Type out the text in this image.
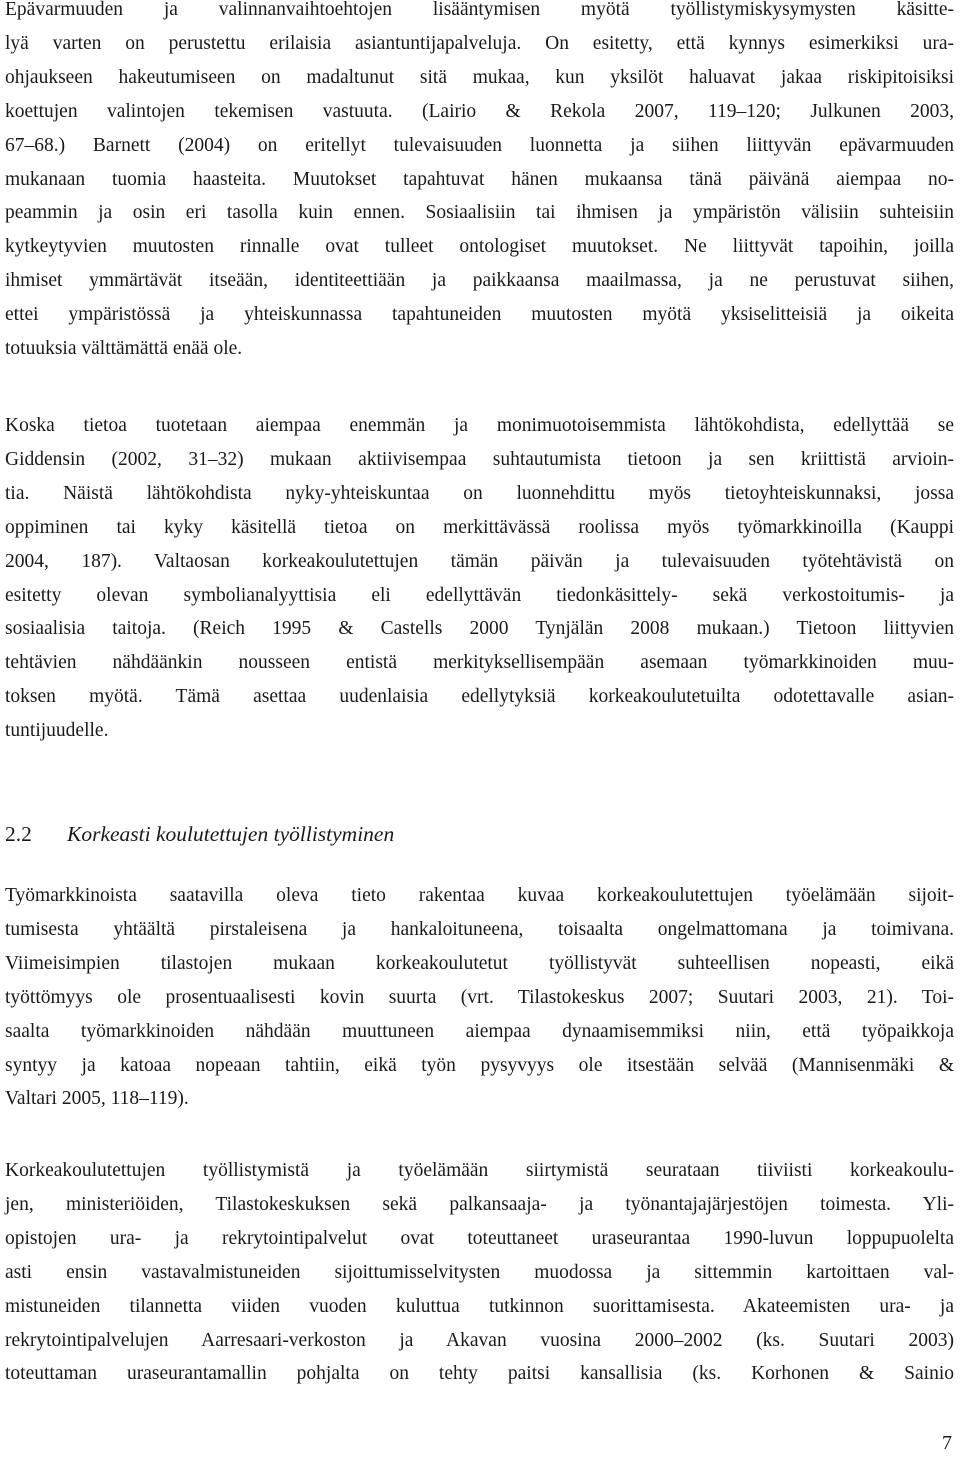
Epävarmuuden ja valinnanvaihtoehtojen lisääntymisen myötä työllistymiskysymysten käsitte-
lyä varten on perustettu erilaisia asiantuntijapalveluja. On esitetty, että kynnys esimerkiksi ura-
ohjaukseen hakeutumiseen on madaltunut sitä mukaa, kun yksilöt haluavat jakaa riskipitoisiksi
koettujen valintojen tekemisen vastuuta. (Lairio & Rekola 2007, 119–120; Julkunen 2003,
67–68.) Barnett (2004) on eritellyt tulevaisuuden luonnetta ja siihen liittyvän epävarmuuden
mukanaan tuomia haasteita. Muutokset tapahtuvat hänen mukaansa tänä päivänä aiempaa no-
peammin ja osin eri tasolla kuin ennen. Sosiaalisiin tai ihmisen ja ympäristön välisiin suhteisiin
kytkeytyvien muutosten rinnalle ovat tulleet ontologiset muutokset. Ne liittyvät tapoihin, joilla
ihmiset ymmärtävät itseään, identiteettiään ja paikkaansa maailmassa, ja ne perustuvat siihen,
ettei ympäristössä ja yhteiskunnassa tapahtuneiden muutosten myötä yksiselitteisiä ja oikeita
totuuksia välttämättä enää ole.
Koska tietoa tuotetaan aiempaa enemmän ja monimuotoisemmista lähtökohdista, edellyttää se
Giddensin (2002, 31–32) mukaan aktiivisempaa suhtautumista tietoon ja sen kriittistä arvioin-
tia. Näistä lähtökohdista nyky-yhteiskuntaa on luonnehdittu myös tietoyhteiskunnaksi, jossa
oppiminen tai kyky käsitellä tietoa on merkittävässä roolissa myös työmarkkinoilla (Kauppi
2004, 187). Valtaosan korkeakoulutettujen tämän päivän ja tulevaisuuden työtehtävistä on
esitetty olevan symbolianalyyttisia eli edellyttävän tiedonkäsittely- sekä verkostoitumis- ja
sosiaalisia taitoja. (Reich 1995 & Castells 2000 Tynjälän 2008 mukaan.) Tietoon liittyvien
tehtävien nähdäänkin nousseen entistä merkityksellisempään asemaan työmarkkinoiden muu-
toksen myötä. Tämä asettaa uudenlaisia edellytyksiä korkeakoulutetuilta odotettavalle asian-
tuntijuudelle.
2.2 Korkeasti koulutettujen työllistyminen
Työmarkkinoista saatavilla oleva tieto rakentaa kuvaa korkeakoulutettujen työelämään sijoit-
tumisesta yhtäältä pirstaleisena ja hankaloituneena, toisaalta ongelmattomana ja toimivana.
Viimeisimpien tilastojen mukaan korkeakoulutetut työllistyvät suhteellisen nopeasti, eikä
työttömyys ole prosentuaalisesti kovin suurta (vrt. Tilastokeskus 2007; Suutari 2003, 21). Toi-
saalta työmarkkinoiden nähdään muuttuneen aiempaa dynaamisemmiksi niin, että työpaikkoja
syntyy ja katoaa nopeaan tahtiin, eikä työn pysyvyys ole itsestään selvää (Mannisenmäki &
Valtari 2005, 118–119).
Korkeakoulutettujen työllistymistä ja työelämään siirtymistä seurataan tiiviisti korkeakoulu-
jen, ministeriöiden, Tilastokeskuksen sekä palkansaaja- ja työnantajajärjestöjen toimesta. Yli-
opistojen ura- ja rekrytointipalvelut ovat toteuttaneet uraseurantaa 1990-luvun loppupuolelta
asti ensin vastavalmistuneiden sijoittumisselvitysten muodossa ja sittemmin kartoittaen val-
mistuneiden tilannetta viiden vuoden kuluttua tutkinnon suorittamisesta. Akateemisten ura- ja
rekrytointipalvelujen Aarresaari-verkoston ja Akavan vuosina 2000–2002 (ks. Suutari 2003)
toteuttaman uraseurantamallin pohjalta on tehty paitsi kansallisia (ks. Korhonen & Sainio
7
